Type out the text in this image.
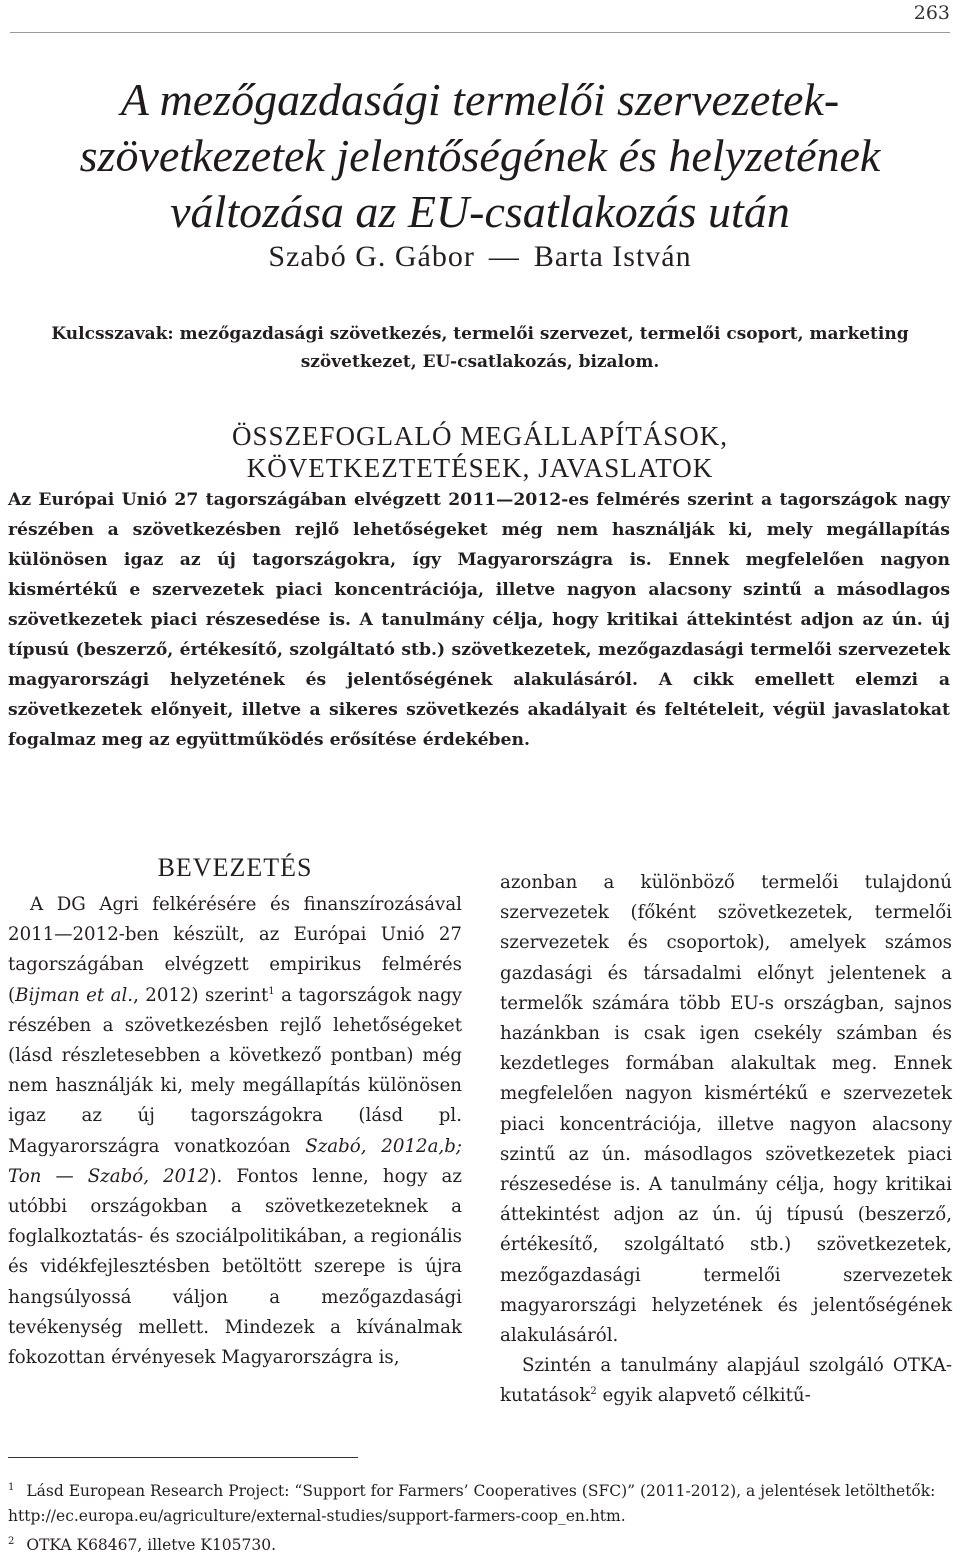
263
A mezőgazdasági termelői szervezetek-
szövetkezetek jelentőségének és helyzetének
változása az EU-csatlakozás után
Szabó G. Gábor — Barta István
Kulcsszavak: mezőgazdasági szövetkezés, termelői szervezet, termelői csoport, marketing szövetkezet, EU-csatlakozás, bizalom.
ÖSSZEFOGLALÓ MEGÁLLAPÍTÁSOK,
KÖVETKEZTETÉSEK, JAVASLATOK

Az Európai Unió 27 tagországában elvégzett 2011—2012-es felmérés szerint a tagországok nagy részében a szövetkezésben rejlő lehetőségeket még nem használják ki, mely megállapítás különösen igaz az új tagországokra, így Magyarországra is. Ennek megfelelően nagyon kismértékű e szervezetek piaci koncentrációja, illetve nagyon alacsony szintű a másodlagos szövetkezetek piaci részesedése is. A tanulmány célja, hogy kritikai áttekintést adjon az ún. új típusú (beszerző, értékesítő, szolgáltató stb.) szövetkezetek, mezőgazdasági termelői szervezetek magyarországi helyzetének és jelentőségének alakulásáról. A cikk emellett elemzi a szövetkezetek előnyeit, illetve a sikeres szövetkezés akadályait és feltételeit, végül javaslatokat fogalmaz meg az együttműködés erősítése érdekében.

BEVEZETÉS

A DG Agri felkérésére és finanszírozásával 2011—2012-ben készült, az Európai Unió 27 tagországában elvégzett empirikus felmérés (Bijman et al., 2012) szerint$^1$ a tagországok nagy részében a szövetkezésben rejlő lehetőségeket (lásd részletesebben a következő pontban) még nem használják ki, mely megállapítás különösen igaz az új tagországokra (lásd pl. Magyarországra vonatkozóan Szabó, 2012a,b; Ton — Szabó, 2012). Fontos lenne, hogy az utóbbi országokban a szövetkezeteknek a foglalkoztatás- és szociálpolitikában, a regionális és vidékfejlesztésben betöltött szerepe is újra hangsúlyossá váljon a mezőgazdasági tevékenység mellett. Mindezek a kívánalmak fokozottan érvényesek Magyarországra is,

azonban a különböző termelői tulajdonú szervezetek (főként szövetkezetek, termelői szervezetek és csoportok), amelyek számos gazdasági és társadalmi előnyt jelentenek a termelők számára több EU-s országban, sajnos hazánkban is csak igen csekély számban és kezdetleges formában alakultak meg. Ennek megfelelően nagyon kismértékű e szervezetek piaci koncentrációja, illetve nagyon alacsony szintű az ún. másodlagos szövetkezetek piaci részesedése is. A tanulmány célja, hogy kritikai áttekintést adjon az ún. új típusú (beszerző, értékesítő, szolgáltató stb.) szövetkezetek, mezőgazdasági termelői szervezetek magyarországi helyzetének és jelentőségének alakulásáról.

Szintén a tanulmány alapjául szolgáló OTKA-kutatások$^2$ egyik alapvető célkitű-

$^1$ Lásd European Research Project: “Support for Farmers’ Cooperatives (SFC)” (2011-2012), a jelentések letölthetők: http://ec.europa.eu/agriculture/external-studies/support-farmers-coop_en.htm.

$^2$ OTKA K68467, illetve K105730.
